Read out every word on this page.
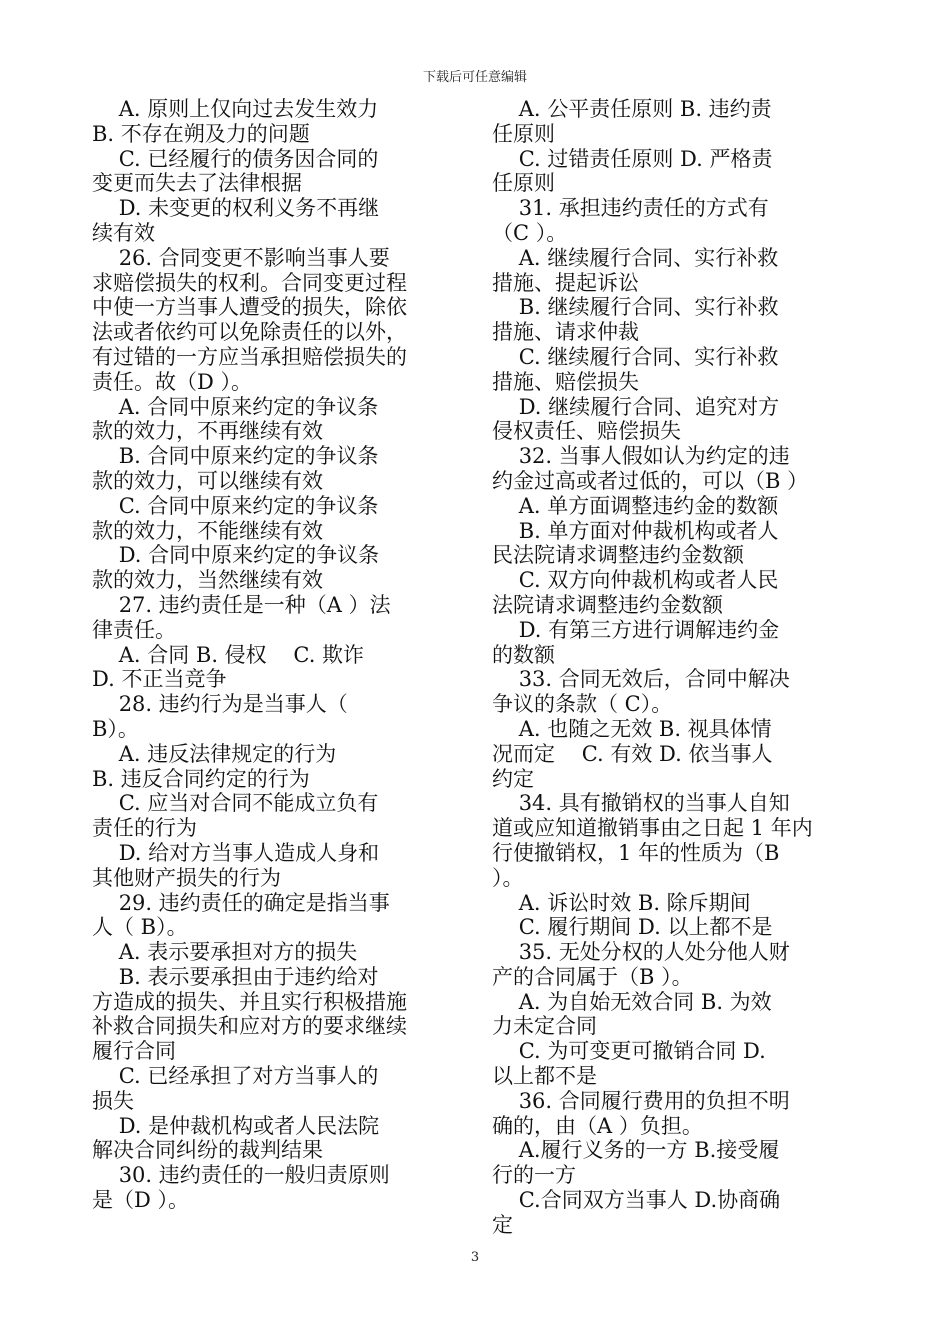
下载后可任意编辑
A. 原则上仅向过去发生效力
B. 不存在朔及力的问题
C. 已经履行的债务因合同的
变更而失去了法律根据
D. 未变更的权利义务不再继
续有效
26. 合同变更不影响当事人要
求赔偿损失的权利。合同变更过程
中使一方当事人遭受的损失，除依
法或者依约可以免除责任的以外，
有过错的一方应当承担赔偿损失的
责任。故（D ）。
A. 合同中原来约定的争议条
款的效力，不再继续有效
B. 合同中原来约定的争议条
款的效力，可以继续有效
C. 合同中原来约定的争议条
款的效力，不能继续有效
D. 合同中原来约定的争议条
款的效力，当然继续有效
27. 违约责任是一种（A ）法
律责任。
A. 合同 B. 侵权    C. 欺诈
D. 不正当竞争
28. 违约行为是当事人（
B）。
A. 违反法律规定的行为
B. 违反合同约定的行为
C. 应当对合同不能成立负有
责任的行为
D. 给对方当事人造成人身和
其他财产损失的行为
29. 违约责任的确定是指当事
人（ B）。
A. 表示要承担对方的损失
B. 表示要承担由于违约给对
方造成的损失、并且实行积极措施
补救合同损失和应对方的要求继续
履行合同
C. 已经承担了对方当事人的
损失
D. 是仲裁机构或者人民法院
解决合同纠纷的裁判结果
30. 违约责任的一般归责原则
是（D ）。
A. 公平责任原则 B. 违约责
任原则
C. 过错责任原则 D. 严格责
任原则
31. 承担违约责任的方式有
（C ）。
A. 继续履行合同、实行补救
措施、提起诉讼
B. 继续履行合同、实行补救
措施、请求仲裁
C. 继续履行合同、实行补救
措施、赔偿损失
D. 继续履行合同、追究对方
侵权责任、赔偿损失
32. 当事人假如认为约定的违
约金过高或者过低的，可以（B ）
A. 单方面调整违约金的数额
B. 单方面对仲裁机构或者人
民法院请求调整违约金数额
C. 双方向仲裁机构或者人民
法院请求调整违约金数额
D. 有第三方进行调解违约金
的数额
33. 合同无效后，合同中解决
争议的条款（ C）。
A. 也随之无效 B. 视具体情
况而定    C. 有效 D. 依当事人
约定
34. 具有撤销权的当事人自知
道或应知道撤销事由之日起 1 年内
行使撤销权，1 年的性质为（B
）。
A. 诉讼时效 B. 除斥期间
C. 履行期间 D. 以上都不是
35. 无处分权的人处分他人财
产的合同属于（B ）。
A. 为自始无效合同 B. 为效
力未定合同
C. 为可变更可撤销合同 D.
以上都不是
36. 合同履行费用的负担不明
确的，由（A ）负担。
A.履行义务的一方 B.接受履
行的一方
C.合同双方当事人 D.协商确
定
3
